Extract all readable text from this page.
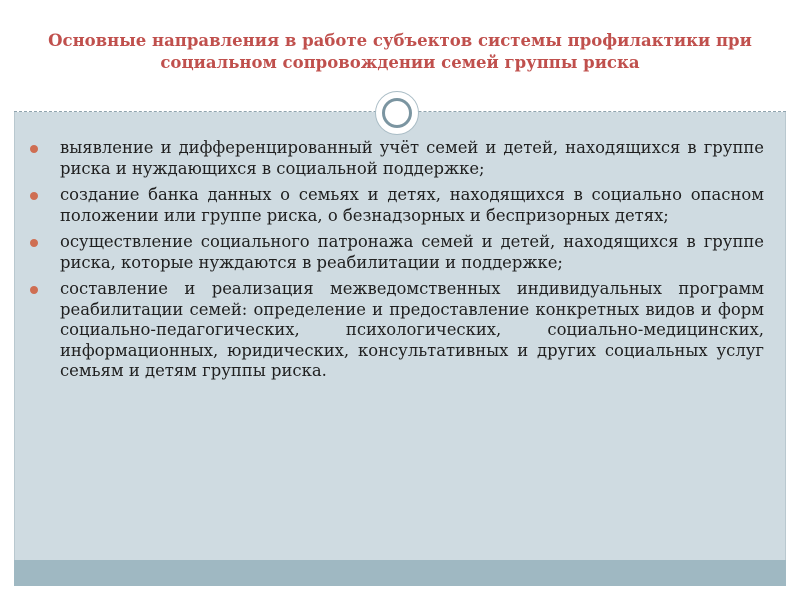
Основные направления в работе субъектов системы профилактики при социальном сопровождении семей группы риска
выявление и дифференцированный учёт семей и детей, находящихся в группе риска и нуждающихся в социальной поддержке;
создание банка данных о семьях и детях, находящихся в социально опасном положении или группе риска, о безнадзорных и беспризорных детях;
осуществление социального патронажа семей и детей, находящихся в группе риска, которые нуждаются в реабилитации и поддержке;
составление и реализация межведомственных индивидуальных программ реабилитации семей: определение и предоставление конкретных видов и форм социально-педагогических, психологических, социально-медицинских, информационных, юридических, консультативных и других социальных услуг семьям и детям группы риска.
